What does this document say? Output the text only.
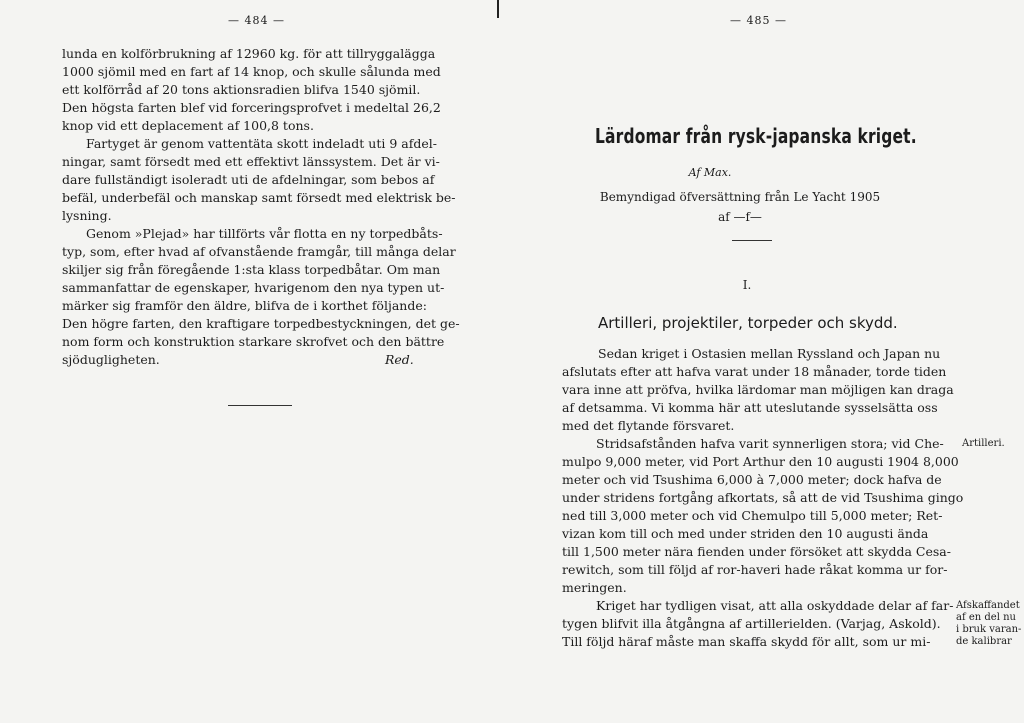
— 484 —
lunda en kolförbrukning af 12960 kg. för att tillryggalägga
1000 sjömil med en fart af 14 knop, och skulle sålunda med
ett kolförråd af 20 tons aktionsradien blifva 1540 sjömil.
Den högsta farten blef vid forceringsprofvet i medeltal 26,2
knop vid ett deplacement af 100,8 tons.
Fartyget är genom vattentäta skott indeladt uti 9 afdel-
ningar, samt försedt med ett effektivt länssystem. Det är vi-
dare fullständigt isoleradt uti de afdelningar, som bebos af
befäl, underbefäl och manskap samt försedt med elektrisk be-
lysning.
Genom »Plejad» har tillförts vår flotta en ny torpedbåts-
typ, som, efter hvad af ofvanstående framgår, till många delar
skiljer sig från föregående 1:sta klass torpedbåtar. Om man
sammanfattar de egenskaper, hvarigenom den nya typen ut-
märker sig framför den äldre, blifva de i korthet följande:
Den högre farten, den kraftigare torpedbestyckningen, det ge-
nom form och konstruktion starkare skrofvet och den bättre
sjödugligheten.	Red.
— 485 —
Lärdomar från rysk-japanska kriget.
Af Max.
Bemyndigad öfversättning från Le Yacht 1905
af —f—
I.
Artilleri, projektiler, torpeder och skydd.
Sedan kriget i Ostasien mellan Ryssland och Japan nu
afslutats efter att hafva varat under 18 månader, torde tiden
vara inne att pröfva, hvilka lärdomar man möjligen kan draga
af detsamma. Vi komma här att uteslutande sysselsätta oss
med det flytande försvaret.
Stridsafstånden hafva varit synnerligen stora; vid Che-
mulpo 9,000 meter, vid Port Arthur den 10 augusti 1904 8,000
meter och vid Tsushima 6,000 à 7,000 meter; dock hafva de
under stridens fortgång afkortats, så att de vid Tsushima gingo
ned till 3,000 meter och vid Chemulpo till 5,000 meter; Ret-
vizan kom till och med under striden den 10 augusti ända
till 1,500 meter nära fienden under försöket att skydda Cesa-
rewitch, som till följd af ror-haveri hade råkat komma ur for-
meringen.
Kriget har tydligen visat, att alla oskyddade delar af far-
tygen blifvit illa åtgångna af artillerielden. (Varjag, Askold).
Till följd häraf måste man skaffa skydd för allt, som ur mi-
Artilleri.
Afskaffandet
af en del nu
i bruk varan-
de kalibrar
